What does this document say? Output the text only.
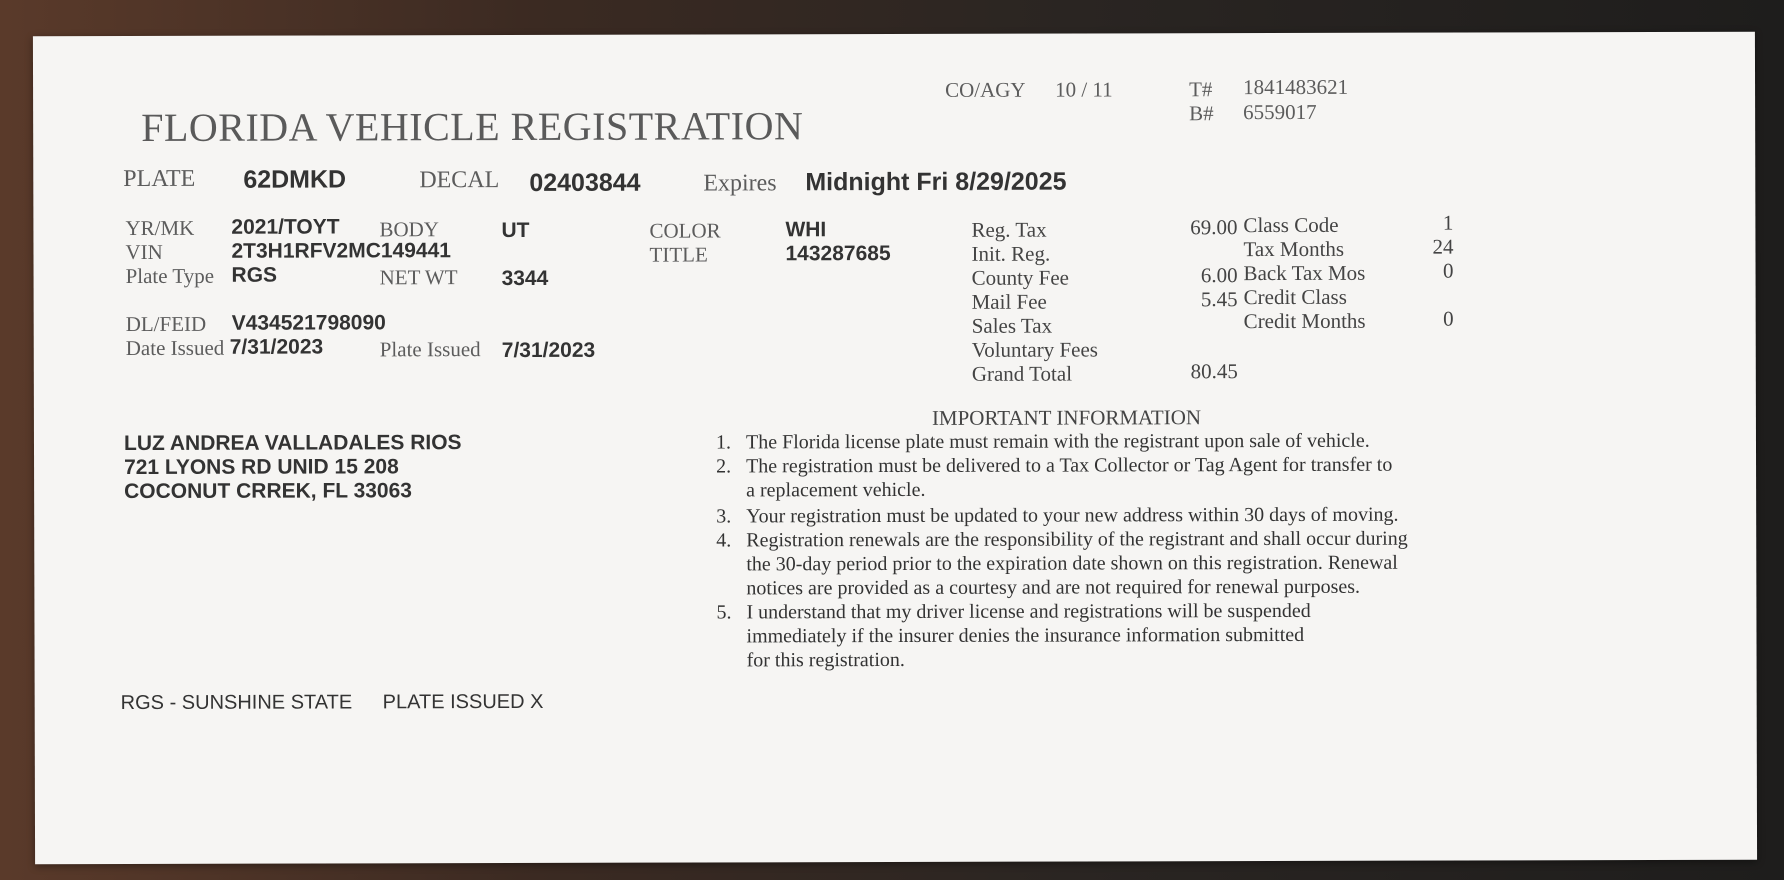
FLORIDA VEHICLE REGISTRATION
CO/AGY 10 / 11	T# 1841483621
B# 6559017
PLATE 62DMKD	DECAL 02403844	Expires Midnight Fri 8/29/2025
YR/MK 2021/TOYT BODY	UT
VIN	2T3H1RFV2MC149441
Plate Type RGS	NET WT 3344
COLOR	WHI
TITLE	143287685
DL/FEID V434521798090
Date Issued 7/31/2023	Plate Issued 7/31/2023
Reg. Tax	69.00
Init. Reg.
County Fee	6.00
Mail Fee	5.45
Sales Tax
Voluntary Fees
Grand Total	80.45
Class Code	1
Tax Months	24
Back Tax Mos	0
Credit Class
Credit Months	0
LUZ ANDREA VALLADALES RIOS
721 LYONS RD UNID 15 208
COCONUT CRREK, FL 33063
IMPORTANT INFORMATION
1. The Florida license plate must remain with the registrant upon sale of vehicle.
2. The registration must be delivered to a Tax Collector or Tag Agent for transfer to
a replacement vehicle.
3. Your registration must be updated to your new address within 30 days of moving.
4. Registration renewals are the responsibility of the registrant and shall occur during
the 30-day period prior to the expiration date shown on this registration. Renewal
notices are provided as a courtesy and are not required for renewal purposes.
5. I understand that my driver license and registrations will be suspended
immediately if the insurer denies the insurance information submitted
for this registration.
RGS - SUNSHINE STATE PLATE ISSUED X
